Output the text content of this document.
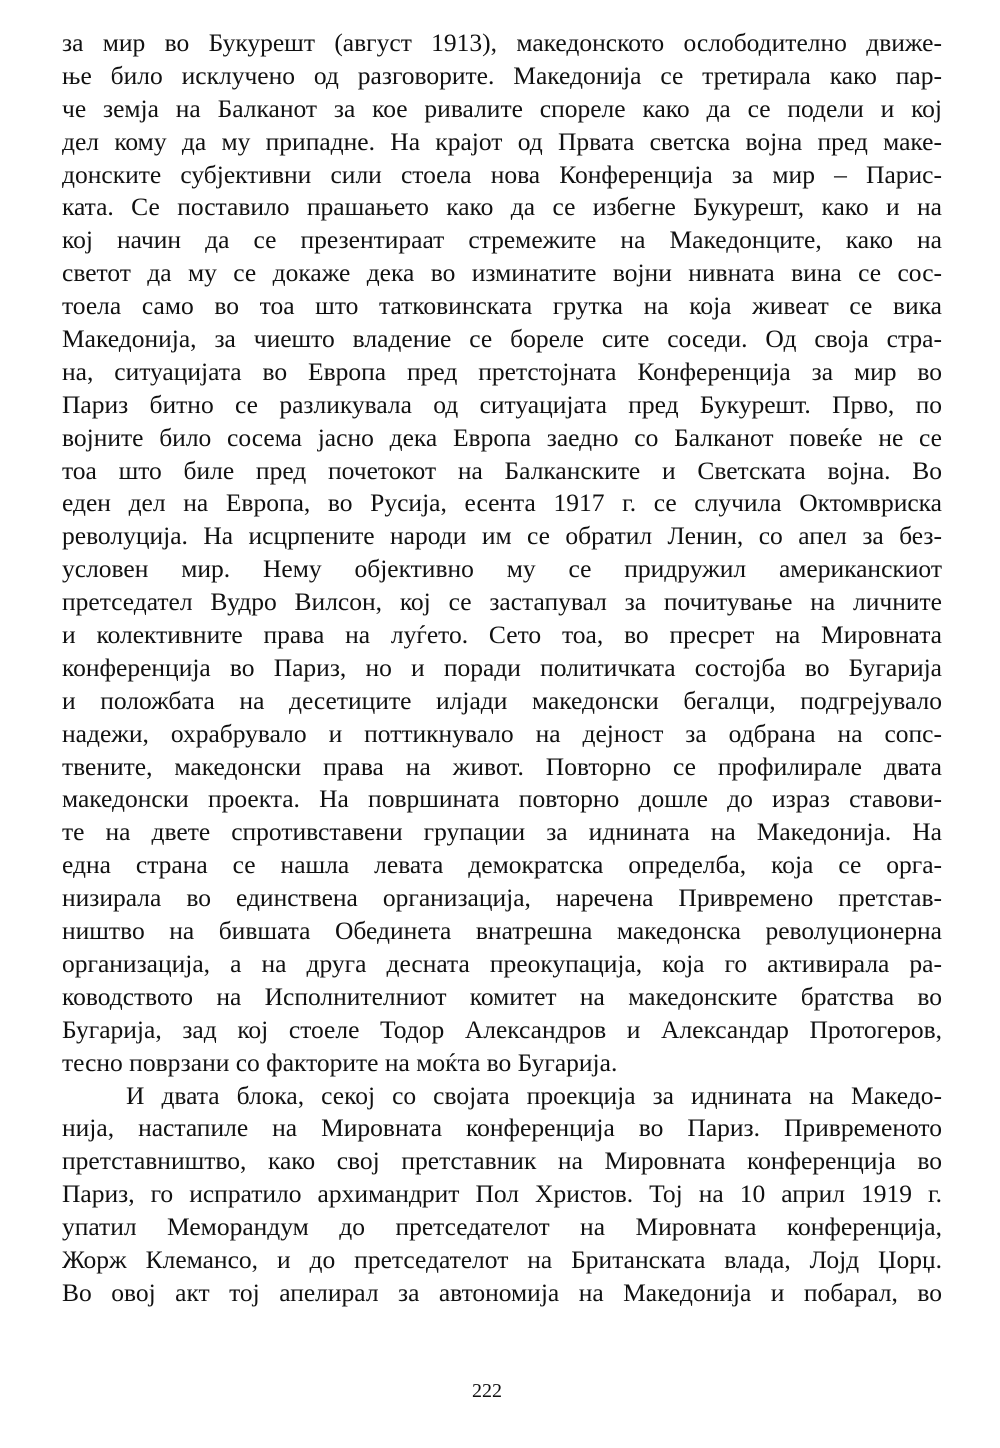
за мир во Букурешт (август 1913), македонското ослободително движе-
ње било исклучено од разговорите. Македонија се третирала како пар-
че земја на Балканот за кое ривалите спореле како да се подели и кој
дел кому да му припадне. На крајот од Првата светска војна пред маке-
донските субјективни сили стоела нова Конференција за мир – Парис-
ката. Се поставило прашањето како да се избегне Букурешт, како и на
кој начин да се презентираат стремежите на Македонците, како на
светот да му се докаже дека во изминатите војни нивната вина се сос-
тоела само во тоа што татковинската грутка на која живеат се вика
Македонија, за чиешто владение се бореле сите соседи. Од своја стра-
на, ситуацијата во Европа пред претстојната Конференција за мир во
Париз битно се разликувала од ситуацијата пред Букурешт. Прво, по
војните било сосема јасно дека Европа заедно со Балканот повеќе не се
тоа што биле пред почетокот на Балканските и Светската војна. Во
еден дел на Европа, во Русија, есента 1917 г. се случила Октомвриска
револуција. На исцрпените народи им се обратил Ленин, со апел за без-
условен мир. Нему објективно му се придружил американскиот
претседател Вудро Вилсон, кој се застапувал за почитување на личните
и колективните права на луѓето. Сето тоа, во пресрет на Мировната
конференција во Париз, но и поради политичката состојба во Бугарија
и положбата на десетиците илјади македонски бегалци, подгрејувало
надежи, охрабрувало и поттикнувало на дејност за одбрана на сопс-
твените, македонски права на живот. Повторно се профилирале двата
македонски проекта. На површината повторно дошле до израз ставови-
те на двете спротивставени групации за иднината на Македонија. На
една страна се нашла левата демократска определба, која се орга-
низирала во единствена организација, наречена Привремено претстав-
ништво на бившата Обединета внатрешна македонска револуционерна
организација, а на друга десната преокупација, која го активирала ра-
ководството на Исполнителниот комитет на македонските братства во
Бугарија, зад кој стоеле Тодор Александров и Александар Протогеров,
тесно поврзани со факторите на моќта во Бугарија.
И двата блока, секој со својата проекција за иднината на Македо-
нија, настапиле на Мировната конференција во Париз. Привременото
претставништво, како свој претставник на Мировната конференција во
Париз, го испратило архимандрит Пол Христов. Тој на 10 април 1919 г.
упатил Меморандум до претседателот на Мировната конференција,
Жорж Клемансо, и до претседателот на Британската влада, Лојд Џорџ.
Во овој акт тој апелирал за автономија на Македонија и побарал, во
222
